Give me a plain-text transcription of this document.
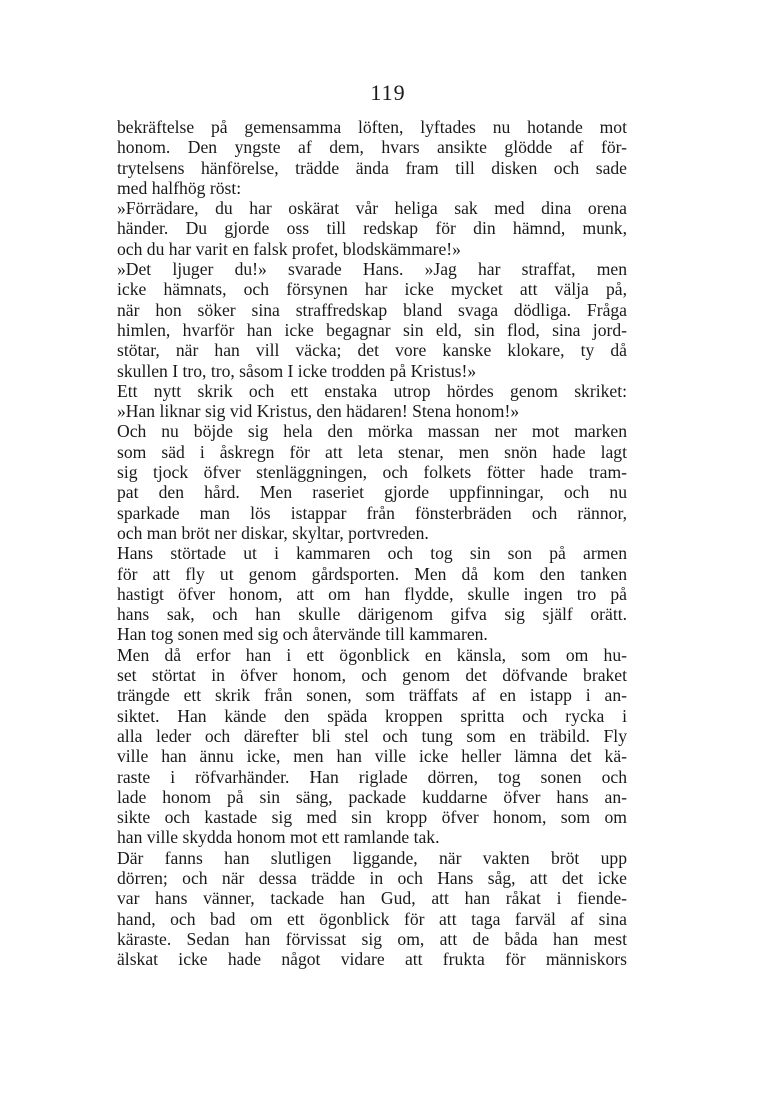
119
bekräftelse på gemensamma löften, lyftades nu hotande mot
honom. Den yngste af dem, hvars ansikte glödde af för-
trytelsens hänförelse, trädde ända fram till disken och sade
med halfhög röst:
»Förrädare, du har oskärat vår heliga sak med dina orena
händer. Du gjorde oss till redskap för din hämnd, munk,
och du har varit en falsk profet, blodskämmare!»
»Det ljuger du!» svarade Hans. »Jag har straffat, men
icke hämnats, och försynen har icke mycket att välja på,
när hon söker sina straffredskap bland svaga dödliga. Fråga
himlen, hvarför han icke begagnar sin eld, sin flod, sina jord-
stötar, när han vill väcka; det vore kanske klokare, ty då
skullen I tro, tro, såsom I icke trodden på Kristus!»
Ett nytt skrik och ett enstaka utrop hördes genom skriket:
»Han liknar sig vid Kristus, den hädaren! Stena honom!»
Och nu böjde sig hela den mörka massan ner mot marken
som säd i åskregn för att leta stenar, men snön hade lagt
sig tjock öfver stenläggningen, och folkets fötter hade tram-
pat den hård. Men raseriet gjorde uppfinningar, och nu
sparkade man lös istappar från fönsterbräden och rännor,
och man bröt ner diskar, skyltar, portvreden.
Hans störtade ut i kammaren och tog sin son på armen
för att fly ut genom gårdsporten. Men då kom den tanken
hastigt öfver honom, att om han flydde, skulle ingen tro på
hans sak, och han skulle därigenom gifva sig själf orätt.
Han tog sonen med sig och återvände till kammaren.
Men då erfor han i ett ögonblick en känsla, som om hu-
set störtat in öfver honom, och genom det döfvande braket
trängde ett skrik från sonen, som träffats af en istapp i an-
siktet. Han kände den späda kroppen spritta och rycka i
alla leder och därefter bli stel och tung som en träbild. Fly
ville han ännu icke, men han ville icke heller lämna det kä-
raste i röfvarhänder. Han riglade dörren, tog sonen och
lade honom på sin säng, packade kuddarne öfver hans an-
sikte och kastade sig med sin kropp öfver honom, som om
han ville skydda honom mot ett ramlande tak.
Där fanns han slutligen liggande, när vakten bröt upp
dörren; och när dessa trädde in och Hans såg, att det icke
var hans vänner, tackade han Gud, att han råkat i fiende-
hand, och bad om ett ögonblick för att taga farväl af sina
käraste. Sedan han förvissat sig om, att de båda han mest
älskat icke hade något vidare att frukta för människors
